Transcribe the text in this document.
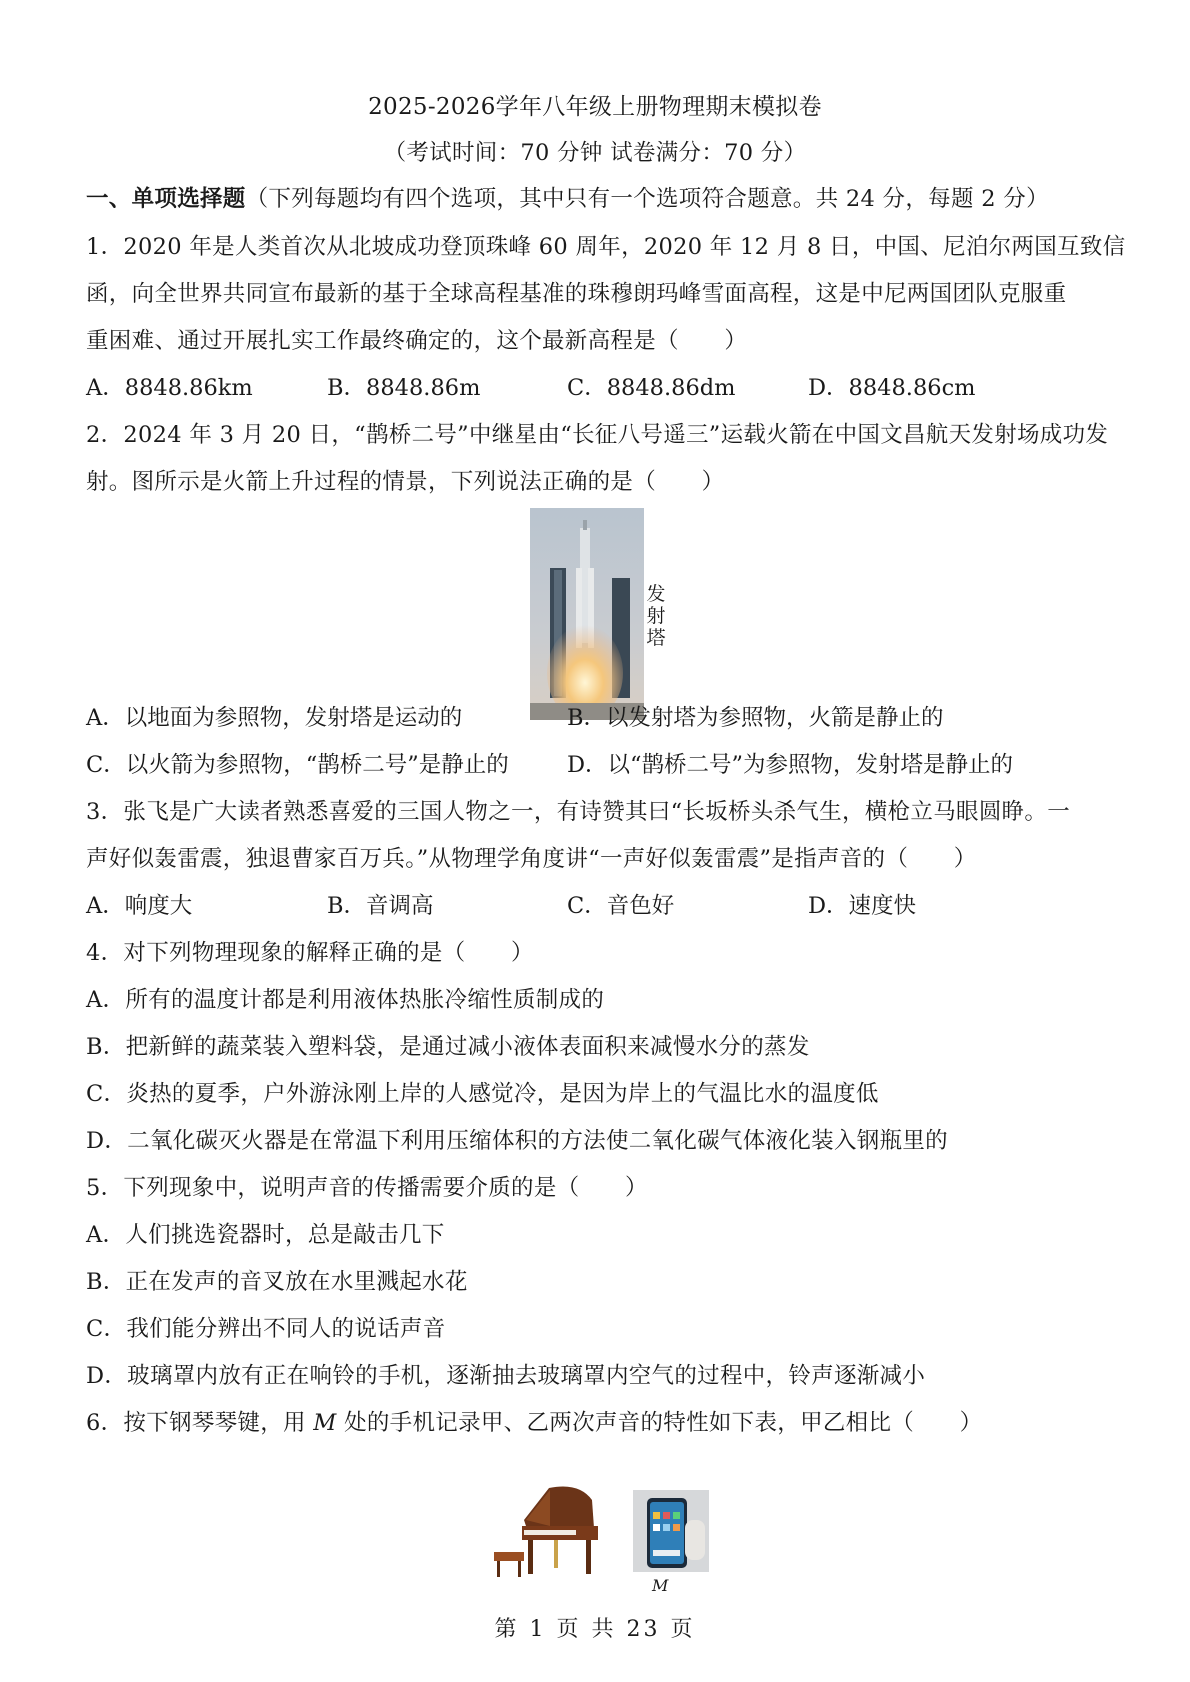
2025-2026学年八年级上册物理期末模拟卷
（考试时间：70 分钟 试卷满分：70 分）
一、单项选择题（下列每题均有四个选项，其中只有一个选项符合题意。共 24 分，每题 2 分）
1．2020 年是人类首次从北坡成功登顶珠峰 60 周年，2020 年 12 月 8 日，中国、尼泊尔两国互致信
函，向全世界共同宣布最新的基于全球高程基准的珠穆朗玛峰雪面高程，这是中尼两国团队克服重
重困难、通过开展扎实工作最终确定的，这个最新高程是（　　）
A．8848.86km	B．8848.86m	C．8848.86dm	D．8848.86cm
2．2024 年 3 月 20 日，“鹊桥二号”中继星由“长征八号遥三”运载火箭在中国文昌航天发射场成功发
射。图所示是火箭上升过程的情景，下列说法正确的是（　　）
发
射
塔
A．以地面为参照物，发射塔是运动的	B．以发射塔为参照物，火箭是静止的
C．以火箭为参照物，“鹊桥二号”是静止的	D．以“鹊桥二号”为参照物，发射塔是静止的
3．张飞是广大读者熟悉喜爱的三国人物之一，有诗赞其曰“长坂桥头杀气生，横枪立马眼圆睁。一
声好似轰雷震，独退曹家百万兵。”从物理学角度讲“一声好似轰雷震”是指声音的（　　）
A．响度大	B．音调高	C．音色好	D．速度快
4．对下列物理现象的解释正确的是（　　）
A．所有的温度计都是利用液体热胀冷缩性质制成的
B．把新鲜的蔬菜装入塑料袋，是通过减小液体表面积来减慢水分的蒸发
C．炎热的夏季，户外游泳刚上岸的人感觉冷，是因为岸上的气温比水的温度低
D．二氧化碳灭火器是在常温下利用压缩体积的方法使二氧化碳气体液化装入钢瓶里的
5．下列现象中，说明声音的传播需要介质的是（　　）
A．人们挑选瓷器时，总是敲击几下
B．正在发声的音叉放在水里溅起水花
C．我们能分辨出不同人的说话声音
D．玻璃罩内放有正在响铃的手机，逐渐抽去玻璃罩内空气的过程中，铃声逐渐减小
6．按下钢琴琴键，用 M 处的手机记录甲、乙两次声音的特性如下表，甲乙相比（　　）
M
第 1 页 共 23 页
